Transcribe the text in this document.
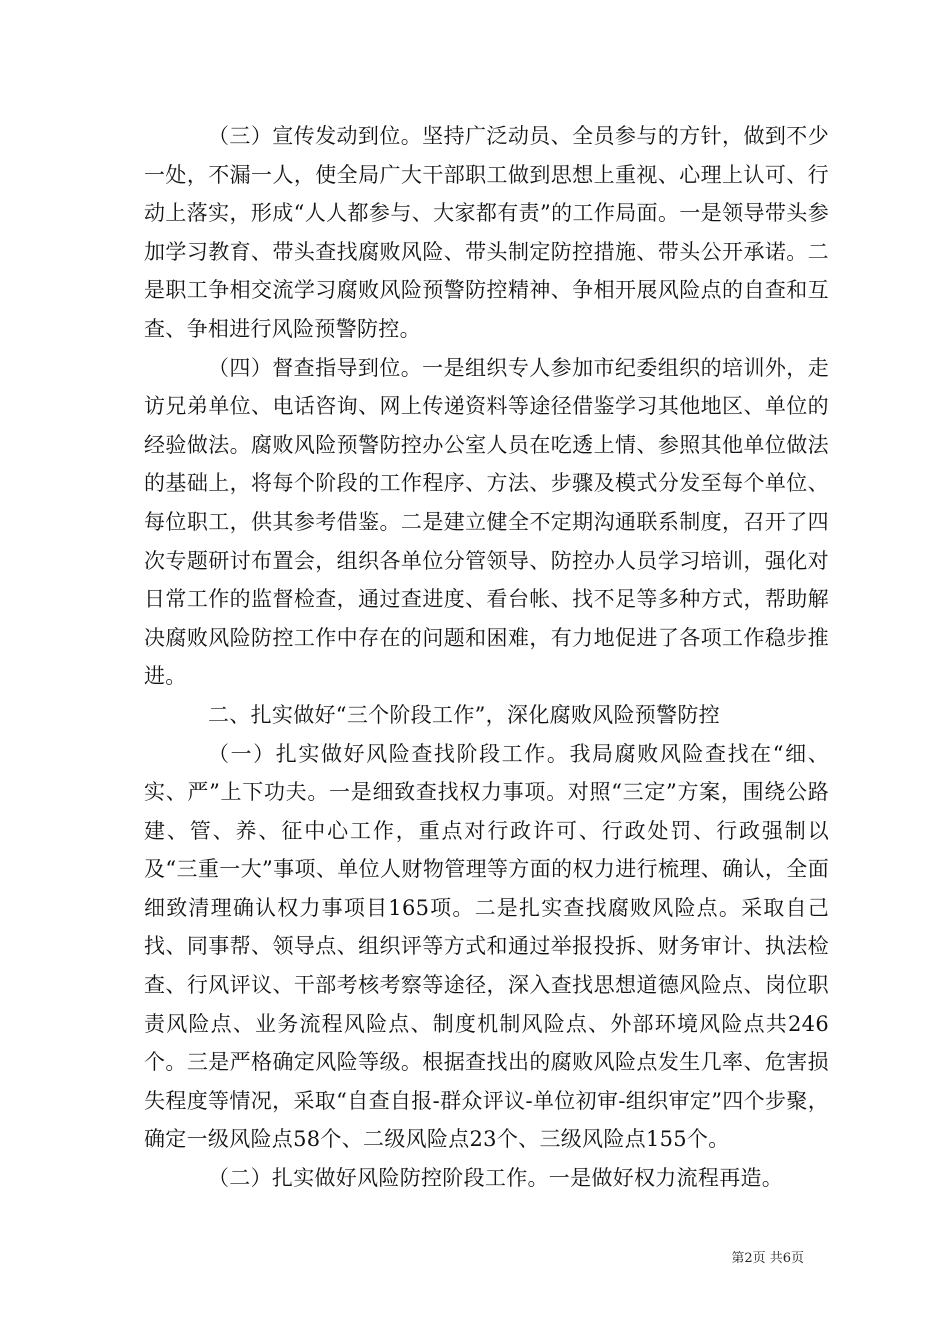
（三）宣传发动到位。坚持广泛动员、全员参与的方针，做到不少一处，不漏一人，使全局广大干部职工做到思想上重视、心理上认可、行动上落实，形成“人人都参与、大家都有责”的工作局面。一是领导带头参加学习教育、带头查找腐败风险、带头制定防控措施、带头公开承诺。二是职工争相交流学习腐败风险预警防控精神、争相开展风险点的自查和互查、争相进行风险预警防控。

（四）督查指导到位。一是组织专人参加市纪委组织的培训外，走访兄弟单位、电话咨询、网上传递资料等途径借鉴学习其他地区、单位的经验做法。腐败风险预警防控办公室人员在吃透上情、参照其他单位做法的基础上，将每个阶段的工作程序、方法、步骤及模式分发至每个单位、每位职工，供其参考借鉴。二是建立健全不定期沟通联系制度，召开了四次专题研讨布置会，组织各单位分管领导、防控办人员学习培训，强化对日常工作的监督检查，通过查进度、看台帐、找不足等多种方式，帮助解决腐败风险防控工作中存在的问题和困难，有力地促进了各项工作稳步推进。

二、扎实做好“三个阶段工作”，深化腐败风险预警防控

（一）扎实做好风险查找阶段工作。我局腐败风险查找在“细、实、严”上下功夫。一是细致查找权力事项。对照“三定”方案，围绕公路建、管、养、征中心工作，重点对行政许可、行政处罚、行政强制以及“三重一大”事项、单位人财物管理等方面的权力进行梳理、确认，全面细致清理确认权力事项目165项。二是扎实查找腐败风险点。采取自己找、同事帮、领导点、组织评等方式和通过举报投拆、财务审计、执法检查、行风评议、干部考核考察等途径，深入查找思想道德风险点、岗位职责风险点、业务流程风险点、制度机制风险点、外部环境风险点共246个。三是严格确定风险等级。根据查找出的腐败风险点发生几率、危害损失程度等情况，采取“自查自报-群众评议-单位初审-组织审定”四个步聚，确定一级风险点58个、二级风险点23个、三级风险点155个。

（二）扎实做好风险防控阶段工作。一是做好权力流程再造。

第2页 共6页
